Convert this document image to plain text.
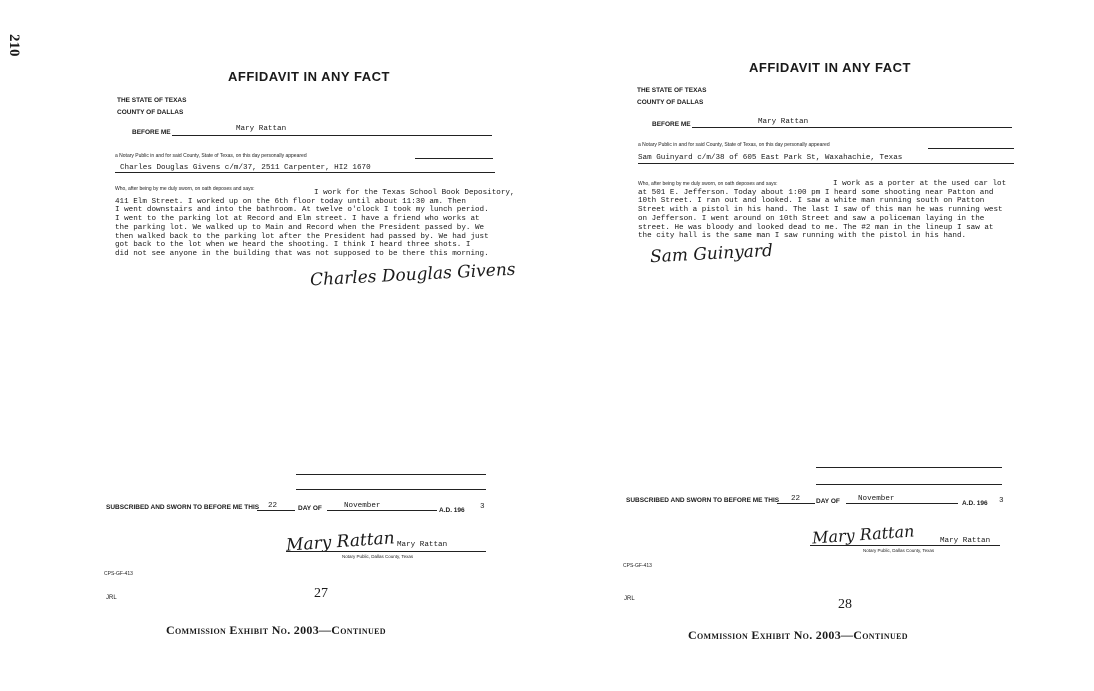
210
AFFIDAVIT IN ANY FACT
THE STATE OF TEXAS
COUNTY OF DALLAS
BEFORE ME	Mary Rattan
a Notary Public in and for said County, State of Texas, on this day personally appeared
Charles Douglas Givens c/m/37, 2511 Carpenter, HI2 1670
Who, after being by me duly sworn, on oath deposes and says:	I work for the Texas School Book Depository,
411 Elm Street. I worked up on the 6th floor today until about 11:30 am. Then
I went downstairs and into the bathroom. At twelve o'clock I took my lunch period.
I went to the parking lot at Record and Elm street. I have a friend who works at
the parking lot. We walked up to Main and Record when the President passed by. We
then walked back to the parking lot after the President had passed by. We had just
got back to the lot when we heard the shooting. I think I heard three shots. I
did not see anyone in the building that was not supposed to be there this morning.
Charles Douglas Givens
SUBSCRIBED AND SWORN TO BEFORE ME THIS 22	DAY OF	November
A.D. 196 3
Mary Rattan Mary Rattan
Notary Public, Dallas County, Texas
CPS-GF-413
JRL	27
Commission Exhibit No. 2003—Continued
AFFIDAVIT IN ANY FACT
THE STATE OF TEXAS
COUNTY OF DALLAS
BEFORE ME	Mary Rattan
a Notary Public in and for said County, State of Texas, on this day personally appeared
Sam Guinyard c/m/38 of 605 East Park St, Waxahachie, Texas
Who, after being by me duly sworn, on oath deposes and says:	I work as a porter at the used car lot
at 501 E. Jefferson. Today about 1:00 pm I heard some shooting near Patton and
10th Street. I ran out and looked. I saw a white man running south on Patton
Street with a pistol in his hand. The last I saw of this man he was running west
on Jefferson. I went around on 10th Street and saw a policeman laying in the
street. He was bloody and looked dead to me. The #2 man in the lineup I saw at
the city hall is the same man I saw running with the pistol in his hand.
Sam Guinyard
SUBSCRIBED AND SWORN TO BEFORE ME THIS 22 DAY OF November
A.D. 196 3
Mary Rattan	Mary Rattan
Notary Public, Dallas County, Texas
CPS-GF-413
JRL	28
Commission Exhibit No. 2003—Continued
